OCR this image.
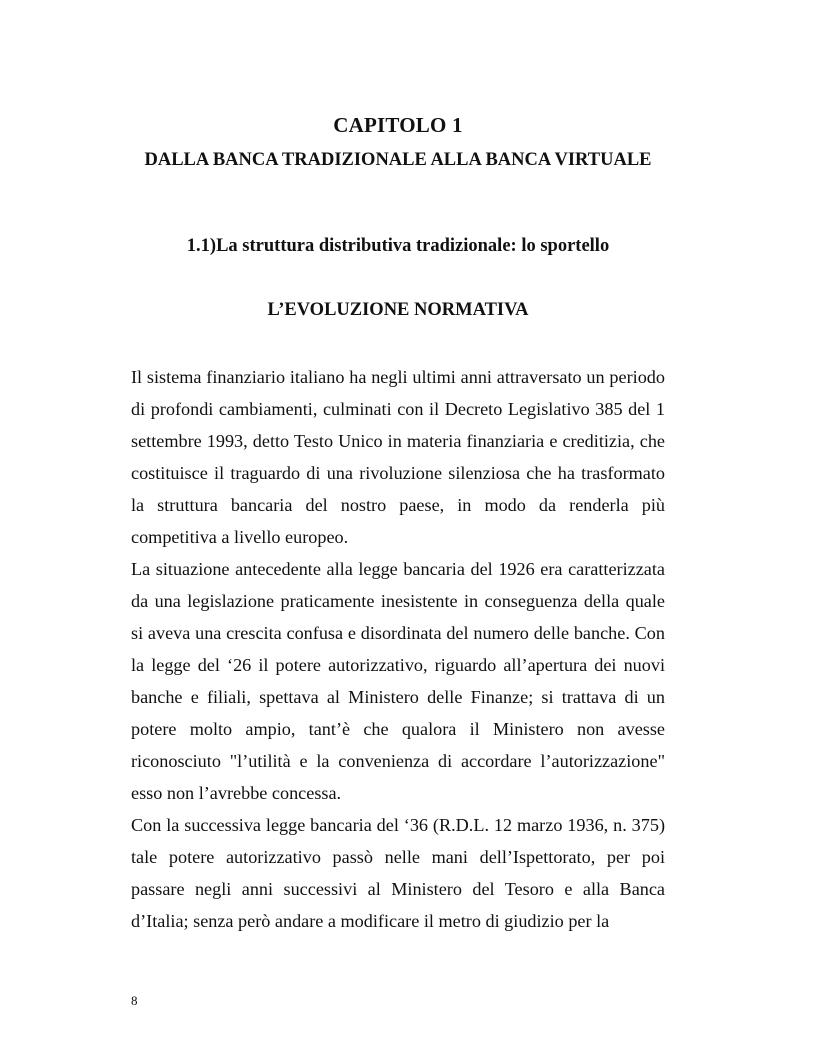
CAPITOLO 1
DALLA BANCA TRADIZIONALE ALLA BANCA VIRTUALE
1.1)La struttura distributiva tradizionale: lo sportello
L’EVOLUZIONE NORMATIVA

Il sistema finanziario italiano ha negli ultimi anni attraversato un periodo di profondi cambiamenti, culminati con il Decreto Legislativo 385 del 1 settembre 1993, detto Testo Unico in materia finanziaria e creditizia, che costituisce il traguardo di una rivoluzione silenziosa che ha trasformato la struttura bancaria del nostro paese, in modo da renderla più competitiva a livello europeo.

La situazione antecedente alla legge bancaria del 1926 era caratterizzata da una legislazione praticamente inesistente in conseguenza della quale si aveva una crescita confusa e disordinata del numero delle banche. Con la legge del ‘26 il potere autorizzativo, riguardo all’apertura dei nuovi banche e filiali, spettava al Ministero delle Finanze; si trattava di un potere molto ampio, tant’è che qualora il Ministero non avesse riconosciuto "l’utilità e la convenienza di accordare l’autorizzazione" esso non l’avrebbe concessa.

Con la successiva legge bancaria del ‘36 (R.D.L. 12 marzo 1936, n. 375) tale potere autorizzativo passò nelle mani dell’Ispettorato, per poi passare negli anni successivi al Ministero del Tesoro e alla Banca d’Italia; senza però andare a modificare il metro di giudizio per la

8
